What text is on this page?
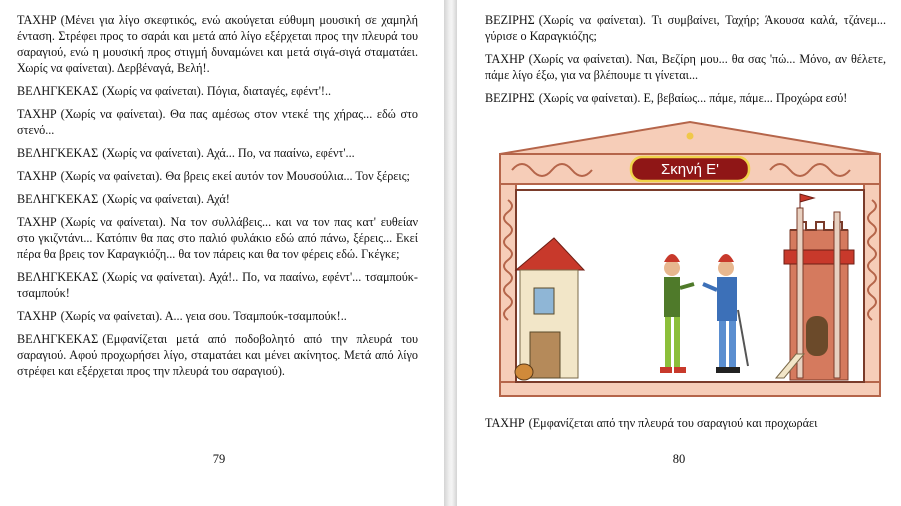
ΤΑΧΗΡ (Μένει για λίγο σκεφτικός, ενώ ακούγεται εύθυμη μουσική σε χαμηλή ένταση. Στρέφει προς το σαράι και μετά από λίγο εξέρχεται προς την πλευρά του σαραγιού, ενώ η μουσική προς στιγμή δυναμώνει και μετά σιγά-σιγά σταματάει. Χωρίς να φαίνεται). Δερβέναγά, Βελή!.

ΒΕΛΗΓΚΕΚΑΣ (Χωρίς να φαίνεται). Πόγια, διαταγές, εφέντ'!..

ΤΑΧΗΡ (Χωρίς να φαίνεται). Θα πας αμέσως στον ντεκέ της χήρας... εδώ στο στενό...

ΒΕΛΗΓΚΕΚΑΣ (Χωρίς να φαίνεται). Αχά... Πο, να πααίνω, εφέντ'...

ΤΑΧΗΡ (Χωρίς να φαίνεται). Θα βρεις εκεί αυτόν τον Μουσούλια... Τον ξέρεις;

ΒΕΛΗΓΚΕΚΑΣ (Χωρίς να φαίνεται). Αχά!

ΤΑΧΗΡ (Χωρίς να φαίνεται). Να τον συλλάβεις... και να τον πας κατ' ευθείαν στο γκιζντάνι... Κατόπιν θα πας στο παλιό φυλάκιο εδώ από πάνω, ξέρεις... Εκεί πέρα θα βρεις τον Καραγκιόζη... θα τον πάρεις και θα τον φέρεις εδώ. Γκέγκε;

ΒΕΛΗΓΚΕΚΑΣ (Χωρίς να φαίνεται). Αχά!.. Πο, να πααίνω, εφέντ'... τσαμπούκ-τσαμπούκ!

ΤΑΧΗΡ (Χωρίς να φαίνεται). Α... γεια σου. Τσαμπούκ-τσαμπούκ!..

ΒΕΛΗΓΚΕΚΑΣ (Εμφανίζεται μετά από ποδοβολητό από την πλευρά του σαραγιού. Αφού προχωρήσει λίγο, σταματάει και μένει ακίνητος. Μετά από λίγο στρέφει και εξέρχεται προς την πλευρά του σαραγιού).

79

ΒΕΖΙΡΗΣ (Χωρίς να φαίνεται). Τι συμβαίνει, Ταχήρ; Άκουσα καλά, τζάνεμ... γύρισε ο Καραγκιόζης;

ΤΑΧΗΡ (Χωρίς να φαίνεται). Ναι, Βεζίρη μου... θα σας 'πώ... Μόνο, αν θέλετε, πάμε λίγο έξω, για να βλέπουμε τι γίνεται...

ΒΕΖΙΡΗΣ (Χωρίς να φαίνεται). Ε, βεβαίως... πάμε, πάμε... Προχώρα εσύ!

Σκηνή Ε'
ΤΑΧΗΡ (Εμφανίζεται από την πλευρά του σαραγιού και προχωράει
80
